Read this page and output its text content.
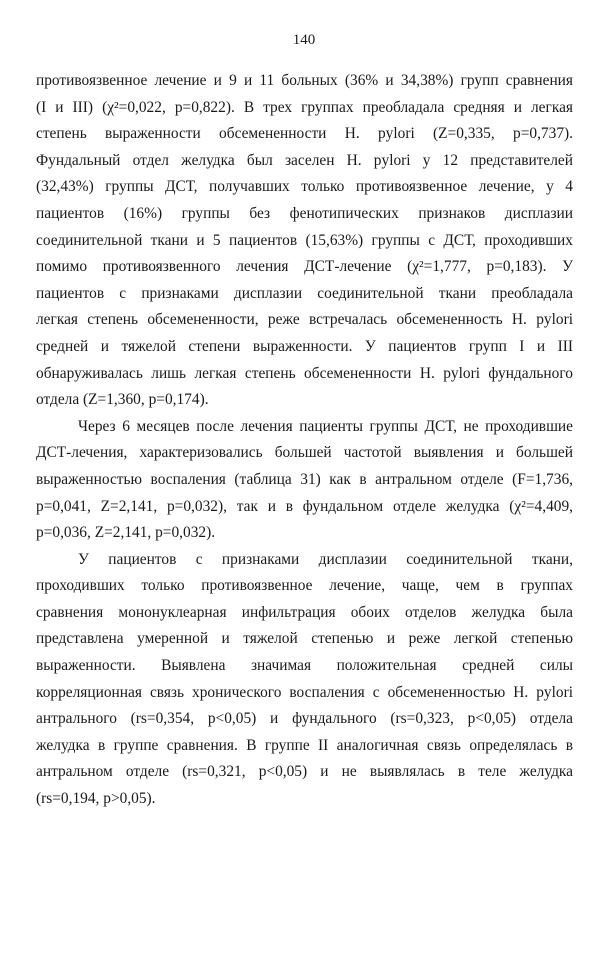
140
противоязвенное лечение и 9 и 11 больных (36% и 34,38%) групп сравнения
(I и III) (χ²=0,022, p=0,822). В трех группах преобладала средняя и легкая
степень выраженности обсемененности H. pylori (Z=0,335, p=0,737).
Фундальный отдел желудка был заселен H. pylori у 12 представителей
(32,43%) группы ДСТ, получавших только противоязвенное лечение, у 4
пациентов (16%) группы без фенотипических признаков дисплазии
соединительной ткани и 5 пациентов (15,63%) группы с ДСТ, проходивших
помимо противоязвенного лечения ДСТ-лечение (χ²=1,777, p=0,183). У
пациентов с признаками дисплазии соединительной ткани преобладала
легкая степень обсемененности, реже встречалась обсемененность H. pylori
средней и тяжелой степени выраженности. У пациентов групп I и III
обнаруживалась лишь легкая степень обсемененности H. pylori фундального
отдела (Z=1,360, p=0,174).
Через 6 месяцев после лечения пациенты группы ДСТ, не проходившие
ДСТ-лечения, характеризовались большей частотой выявления и большей
выраженностью воспаления (таблица 31) как в антральном отделе (F=1,736,
p=0,041, Z=2,141, p=0,032), так и в фундальном отделе желудка (χ²=4,409,
p=0,036, Z=2,141, p=0,032).
У пациентов с признаками дисплазии соединительной ткани,
проходивших только противоязвенное лечение, чаще, чем в группах
сравнения мононуклеарная инфильтрация обоих отделов желудка была
представлена умеренной и тяжелой степенью и реже легкой степенью
выраженности. Выявлена значимая положительная средней силы
корреляционная связь хронического воспаления с обсемененностью H. pylori
антрального (rs=0,354, p<0,05) и фундального (rs=0,323, p<0,05) отдела
желудка в группе сравнения. В группе II аналогичная связь определялась в
антральном отделе (rs=0,321, p<0,05) и не выявлялась в теле желудка
(rs=0,194, p>0,05).
